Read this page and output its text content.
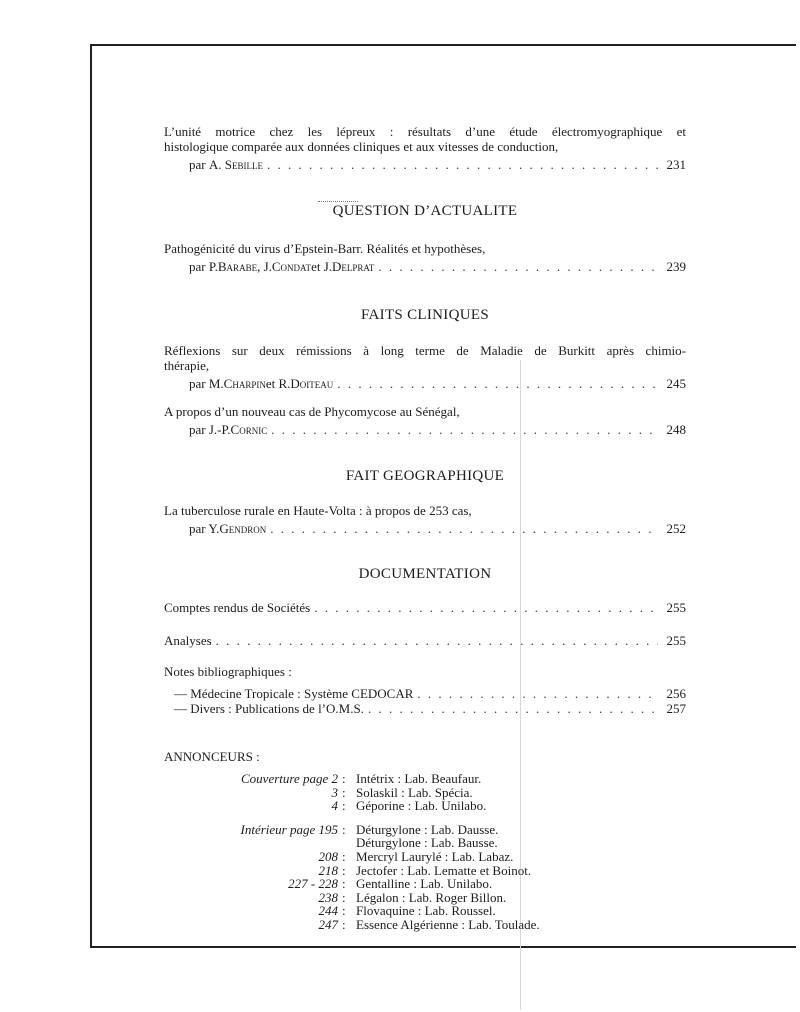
L’unité motrice chez les lépreux : résultats d’une étude électromyographique et
histologique comparée aux données cliniques et aux vitesses de conduction,
par
A. Sebille . . .	231
QUESTION D’ACTUALITE
Pathogénicité du virus d’Epstein-Barr. Réalités et hypothèses,
par P. Barabe , J. Condat et J. Delprat . . .	239
FAITS CLINIQUES
Réflexions sur deux rémissions à long terme de Maladie de Burkitt après chimio-
thérapie,
par M. Charpin et R. Doiteau . . .	245
A propos d’un nouveau cas de Phycomycose au Sénégal,
par J.-P. Cornic . . .	248
FAIT GEOGRAPHIQUE
La tuberculose rurale en Haute-Volta : à propos de 253 cas,
par Y. Gendron . . .	252
DOCUMENTATION
Comptes rendus de Sociétés . . .	255
Analyses . . .	255
Notes bibliographiques :
— Médecine Tropicale : Système CEDOCAR . . .	256
— Divers : Publications de l’O.M.S. . . .	257
ANNONCEURS :
Couverture page 2 : Intétrix : Lab. Beaufaur.
3 : Solaskil : Lab. Spécia.
4 : Géporine : Lab. Unilabo.
Intérieur page 195 : Déturgylone : Lab. Dausse.
Déturgylone : Lab. Bausse.
208 : Mercryl Laurylé : Lab. Labaz.
218 : Jectofer : Lab. Lematte et Boinot.
227 - 228 : Gentalline : Lab. Unilabo.
238 : Légalon : Lab. Roger Billon.
244 : Flovaquine : Lab. Roussel.
247 : Essence Algérienne : Lab. Toulade.
